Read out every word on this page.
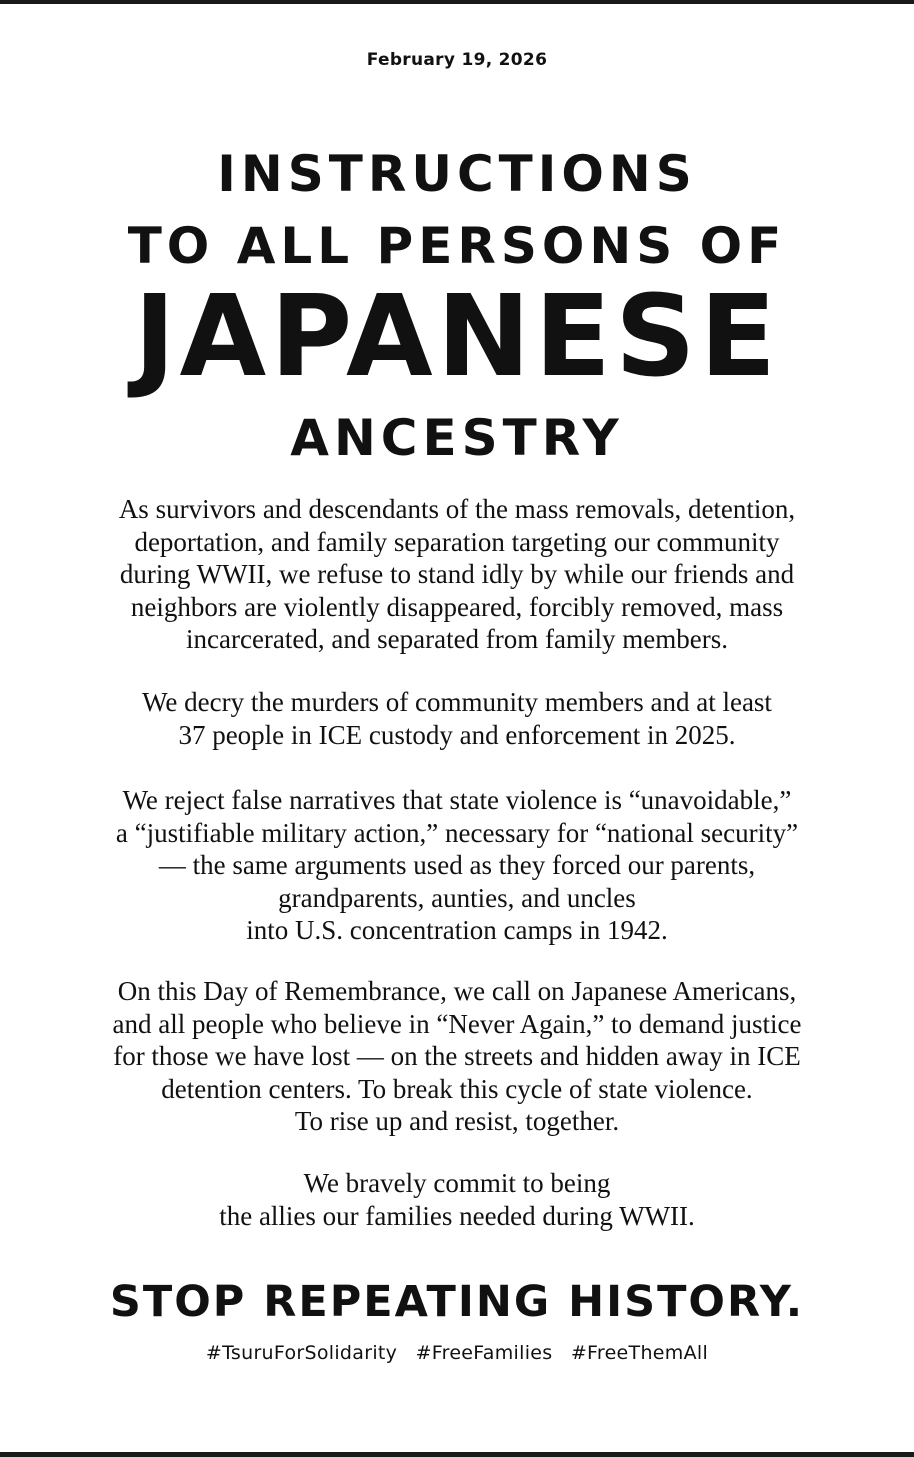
February 19, 2026
INSTRUCTIONS
TO ALL PERSONS OF
JAPANESE
ANCESTRY
As survivors and descendants of the mass removals, detention,
deportation, and family separation targeting our community
during WWII, we refuse to stand idly by while our friends and
neighbors are violently disappeared, forcibly removed, mass
incarcerated, and separated from family members.
We decry the murders of community members and at least
37 people in ICE custody and enforcement in 2025.
We reject false narratives that state violence is “unavoidable,”
a “justifiable military action,” necessary for “national security”
— the same arguments used as they forced our parents,
grandparents, aunties, and uncles
into U.S. concentration camps in 1942.
On this Day of Remembrance, we call on Japanese Americans,
and all people who believe in “Never Again,” to demand justice
for those we have lost — on the streets and hidden away in ICE
detention centers. To break this cycle of state violence.
To rise up and resist, together.
We bravely commit to being
the allies our families needed during WWII.
STOP REPEATING HISTORY.
#TsuruForSolidarity #FreeFamilies #FreeThemAll
